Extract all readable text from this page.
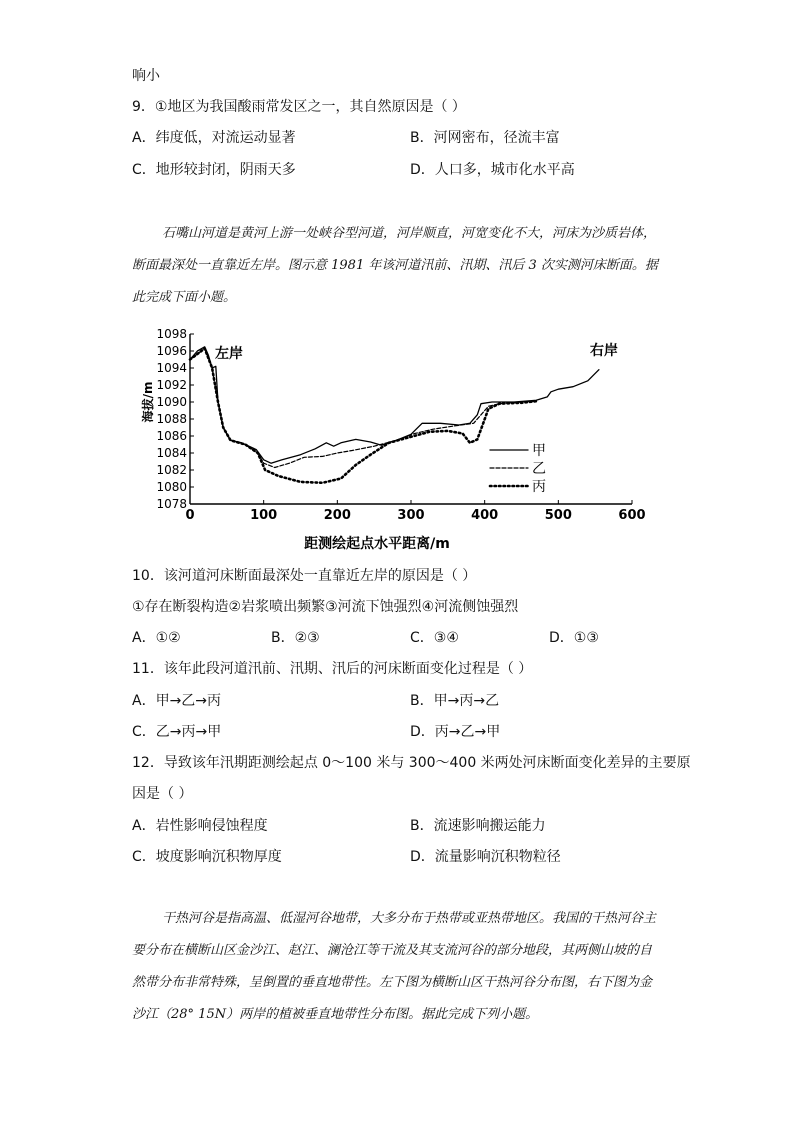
响小
9．①地区为我国酸雨常发区之一，其自然原因是（ ）
A．纬度低，对流运动显著	B．河网密布，径流丰富
C．地形较封闭，阴雨天多	D．人口多，城市化水平高

石嘴山河道是黄河上游一处峡谷型河道，河岸顺直，河宽变化不大，河床为沙质岩体，断面最深处一直靠近左岸。图示意 1981 年该河道汛前、汛期、汛后 3 次实测河床断面。据此完成下面小题。

1078
1080
1082
1084
1086
1088
1090
1092
1094
1096
1098
0	100	200	300	400	500	600
甲
乙
丙
左岸	右岸
距测绘起点水平距离/m
海拔/m
10．该河道河床断面最深处一直靠近左岸的原因是（ ）
①存在断裂构造②岩浆喷出频繁③河流下蚀强烈④河流侧蚀强烈
A．①②	B．②③	C．③④	D．①③
11．该年此段河道汛前、汛期、汛后的河床断面变化过程是（ ）
A．甲→乙→丙	B．甲→丙→乙
C．乙→丙→甲	D．丙→乙→甲
12．导致该年汛期距测绘起点 0～100 米与 300～400 米两处河床断面变化差异的主要原
因是（ ）
A．岩性影响侵蚀程度	B．流速影响搬运能力
C．坡度影响沉积物厚度	D．流量影响沉积物粒径

干热河谷是指高温、低湿河谷地带，大多分布于热带或亚热带地区。我国的干热河谷主要分布在横断山区金沙江、赵江、澜沧江等干流及其支流河谷的部分地段，其两侧山坡的自然带分布非常特殊，呈倒置的垂直地带性。左下图为横断山区干热河谷分布图，右下图为金沙江（28° 15N）两岸的植被垂直地带性分布图。据此完成下列小题。
